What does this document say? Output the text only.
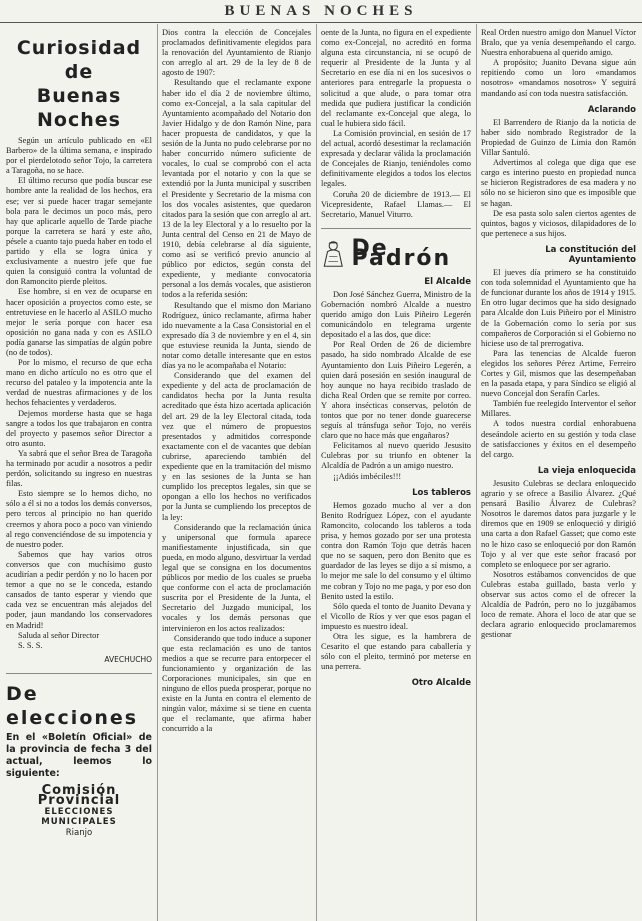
BUENAS NOCHES
Curiosidad de
Buenas Noches

Según un artículo publicado en «El Barbero» de la última semana, e inspirado por el pierdelotodo señor Tojo, la carretera a Taragoña, no se hace.

El último recurso que podía buscar ese hombre ante la realidad de los hechos, era ese; ver si puede hacer tragar semejante bola para le decimos un poco más, pero hay que aplicarle aquello de Tarde piache porque la carretera se hará y este año, pésele a cuanto tajo pueda haber en todo el partido y ella se logra única y exclusivamente a nuestro jefe que fue quien la consiguió contra la voluntad de don Ramoncito pierde pleitos.

Ese hombre, si en vez de ocuparse en hacer oposición a proyectos como este, se entretuviese en le hacerlo al ASILO mucho mejor le sería porque con hacer esa oposición no gana nada y con es ASILO podía ganarse las simpatías de algún pobre (no de todos).

Por lo mismo, el recurso de que echa mano en dicho artículo no es otro que el recurso del pataleo y la impotencia ante la verdad de nuestras afirmaciones y de los hechos fehacientes y verdaderos.

Dejemos morderse hasta que se haga sangre a todos los que trabajaron en contra del proyecto y pasemos señor Director a otro asunto.

Ya sabrá que el señor Brea de Taragoña ha terminado por acudir a nosotros a pedir perdón, solicitando su ingreso en nuestras filas.

Esto siempre se lo hemos dicho, no sólo a él si no a todos los demás conversos, pero tercos al principio no han querido creernos y ahora poco a poco van viniendo al rego convenciéndose de su impotencia y de nuestro poder.

Sabemos que hay varios otros conversos que con muchísimo gusto acudirían a pedir perdón y no lo hacen por temor a que no se le conceda, estando cansados de tanto esperar y viendo que cada vez se encuentran más alejados del poder, jaun mandando los conservadores en Madrid!

Saluda al señor Director

S. S. S.

AVECHUCHO
De elecciones
En el «Boletín Oficial» de la provincia de fecha 3 del actual, leemos lo siguiente:
Comisión Provincial
ELECCIONES MUNICIPALES
Rianjo

Dios contra la elección de Concejales proclamados definitivamente elegidos para la renovación del Ayuntamiento de Rianjo con arreglo al art. 29 de la ley de 8 de agosto de 1907:

Resultando que el reclamante expone haber ido el día 2 de noviembre último, como ex-Concejal, a la sala capitular del Ayuntamiento acompañado del Notario don Javier Hidalgo y de don Ramón Nine, para hacer propuesta de candidatos, y que la sesión de la Junta no pudo celebrarse por no haber concurrido número suficiente de vocales, lo cual se comprobó con el acta levantada por el notario y con la que se extendió por la Junta municipal y suscriben el Presidente y Secretario de la misma con los dos vocales asistentes, que quedaron citados para la sesión que con arreglo al art. 13 de la ley Electoral y a lo resuelto por la Junta central del Censo en 21 de Mayo de 1910, debía celebrarse al día siguiente, como así se verificó previo anuncio al público por edictos, según consta del expediente, y mediante convocatoria personal a los demás vocales, que asistieron todos a la referida sesión:

Resultando que el mismo don Mariano Rodríguez, único reclamante, afirma haber ido nuevamente a la Casa Consistorial en el expresado día 3 de noviembre y en el 4, sin que estuviese reunida la Junta, siendo de notar como detalle interesante que en estos días ya no le acompañaba el Notario:

Considerando que del examen del expediente y del acta de proclamación de candidatos hecha por la Junta resulta acreditado que ésta hizo acertada aplicación del art. 29 de la ley Electoral citada, toda vez que el número de propuestos presentados y admitidos corresponde exactamente con el de vacantes que debían cubrirse, apareciendo también del expediente que en la tramitación del mismo y en las sesiones de la Junta se han cumplido los preceptos legales, sin que se opongan a ello los hechos no verificados por la Junta se cumpliendo los preceptos de la ley:

Considerando que la reclamación única y unipersonal que formula aparece manifiestamente injustificada, sin que pueda, en modo alguno, desvirtuar la verdad legal que se consigna en los documentos públicos por medio de los cuales se prueba que conforme con el acta de proclamación suscrita por el Presidente de la Junta, el Secretario del Juzgado municipal, los vocales y los demás personas que intervinieron en los actos realizados:

Considerando que todo induce a suponer que esta reclamación es uno de tantos medios a que se recurre para entorpecer el funcionamiento y organización de las Corporaciones municipales, sin que en ninguno de ellos pueda prosperar, porque no existe en la Junta en contra el elemento de ningún valor, máxime si se tiene en cuenta que el reclamante, que afirma haber concurrido a la

oente de la Junta, no figura en el expediente como ex-Concejal, no acreditó en forma alguna esta circunstancia, ni se ocupó de requerir al Presidente de la Junta y al Secretario en ese día ni en los sucesivos o anteriores para entregarle la propuesta o solicitud a que alude, o para tomar otra medida que pudiera justificar la condición del reclamante ex-Concejal que alega, lo cual le hubiera sido fácil.

La Comisión provincial, en sesión de 17 del actual, acordó desestimar la reclamación expresada y declarar válida la proclamación de Concejales de Rianjo, teniéndoles como definitivamente elegidos a todos los electos legales.

Coruña 20 de diciembre de 1913.— El Vicepresidente, Rafael Llamas.— El Secretario, Manuel Viturro.

De Padrón
El Alcalde

Don José Sánchez Guerra, Ministro de la Gobernación nombró Alcalde a nuestro querido amigo don Luis Piñeiro Legerén comunicándolo en telegrama urgente depositado el a las dos, que dice:

Por Real Orden de 26 de diciembre pasado, ha sido nombrado Alcalde de ese Ayuntamiento don Luis Piñeiro Legerén, a quien dará posesión en sesión inaugural de hoy aunque no haya recibido traslado de dicha Real Orden que se remite por correo. Y ahora insécticas conservas, pelotón de tontos que por no tener donde guarecerse seguís al tránsfuga señor Tojo, no veréis claro que no hace más que engañaros?

Felicitamos al nuevo querido Jesusito Culebras por su triunfo en obtener la Alcaldía de Padrón a un amigo nuestro.

¡¡Adiós imbéciles!!!

Los tableros

Hemos gozado mucho al ver a don Benito Rodríguez López, con el ayudante Ramoncito, colocando los tableros a toda prisa, y hemos gozado por ser una protesta contra don Ramón Tojo que detrás hacen que no se saquen, pero don Benito que es guardador de las leyes se dijo a sí mismo, a lo mejor me sale lo del consumo y el último me cobran y Tojo no me paga, y por eso don Benito usted la estilo.

Sólo queda el tonto de Juanito Devana y el Vicollo de Ríos y ver que esos pagan el impuesto es nuestro ideal.

Otra les sigue, es la hambrera de Cesarito el que estando para caballería y sólo con el pleito, terminó por meterse en una perrera.

Otro Alcalde

Real Orden nuestro amigo don Manuel Víctor Bralo, que ya venía desempeñando el cargo. Nuestra enhorabuena al querido amigo.

A propósito; Juanito Devana sigue aún repitiendo como un loro «mandamos nosotros» «mandamos nosotros» Y seguirá mandando así con toda nuestra satisfacción.

Aclarando

El Barrendero de Rianjo da la noticia de haber sido nombrado Registrador de la Propiedad de Guinzo de Limia don Ramón Villar Santuló.

Advertimos al colega que diga que ese cargo es interino puesto en propiedad nunca se hicieron Registradores de esa madera y no sólo no se hicieron sino que es imposible que se hagan.

De esa pasta solo salen ciertos agentes de quintos, bagos y viciosos, dilapidadores de lo que pertenece a sus hijos.

La constitución del Ayuntamiento

El jueves día primero se ha constituido con toda solemnidad el Ayuntamiento que ha de funcionar durante los años de 1914 y 1915. En otro lugar decimos que ha sido designado para Alcalde don Luis Piñeiro por el Ministro de la Gobernación como lo sería por sus compañeros de Corporación si el Gobierno no hiciese uso de tal prerrogativa.

Para las tenencias de Alcalde fueron elegidos los señores Pérez Artime, Ferreiro Cortes y Gil, mismos que las desempeñaban en la pasada etapa, y para Síndico se eligió al nuevo Concejal don Serafín Carles.

También fue reelegido Interventor el señor Millares.

A todos nuestra cordial enhorabuena deseándole acierto en su gestión y toda clase de satisfacciones y éxitos en el desempeño del cargo.

La vieja enloquecida

Jesusito Culebras se declara enloquecido agrario y se ofrece a Basilio Álvarez. ¿Qué pensará Basilio Álvarez de Culebras? Nosotros le daremos datos para juzgarle y le diremos que en 1909 se enloqueció y dirigió una carta a don Rafael Gasset; que como este no le hizo caso se enloqueció por don Ramón Tojo y al ver que este señor fracasó por completo se enloquece por ser agrario.

Nosotros estábamos convencidos de que Culebras estaba guillado, basta verlo y observar sus actos como el de ofrecer la Alcaldía de Padrón, pero no lo juzgábamos loco de remate. Ahora el loco de atar que se declara agrario enloquecido proclamaremos gestionar
